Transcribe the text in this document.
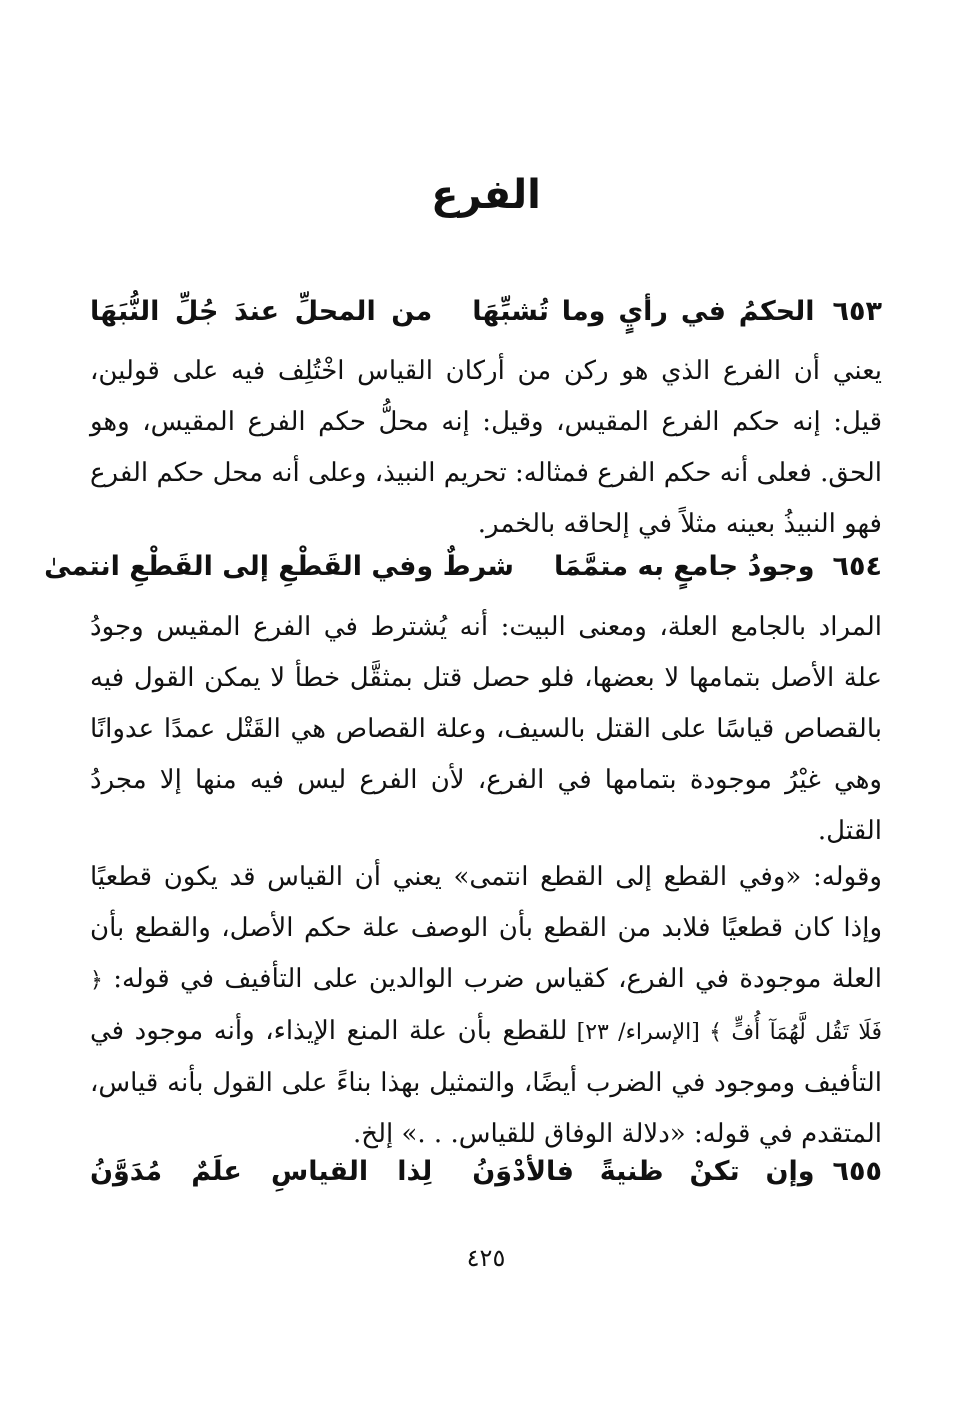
الفرع
٦٥٣
الحكمُ في رأيٍ وما تُشبِّهَا
من المحلِّ عندَ جُلِّ النُّبَهَا

يعني أن الفرع الذي هو ركن من أركان القياس اخْتُلِف فيه على قولين، قيل: إنه حكم الفرع المقيس، وقيل: إنه محلُّ حكم الفرع المقيس، وهو الحق. فعلى أنه حكم الفرع فمثاله: تحريم النبيذ، وعلى أنه محل حكم الفرع فهو النبيذُ بعينه مثلاً في إلحاقه بالخمر.

٦٥٤
وجودُ جامعٍ به متمَّمَا
شرطٌ وفي القَطْعِ إلى القَطْعِ انتمىٰ

المراد بالجامع العلة، ومعنى البيت: أنه يُشترط في الفرع المقيس وجودُ علة الأصل بتمامها لا بعضها، فلو حصل قتل بمثقَّل خطأ لا يمكن القول فيه بالقصاص قياسًا على القتل بالسيف، وعلة القصاص هي القَتْل عمدًا عدوانًا وهي غيْرُ موجودة بتمامها في الفرع، لأن الفرع ليس فيه منها إلا مجردُ القتل.

وقوله: «وفي القطع إلى القطع انتمى» يعني أن القياس قد يكون قطعيًا وإذا كان قطعيًا فلابد من القطع بأن الوصف علة حكم الأصل، والقطع بأن العلة موجودة في الفرع، كقياس ضرب الوالدين على التأفيف في قوله: ﴿ فَلَا تَقُل لَّهُمَآ أُفٍّ ﴾ [الإسراء/ ٢٣] للقطع بأن علة المنع الإيذاء، وأنه موجود في التأفيف وموجود في الضرب أيضًا، والتمثيل بهذا بناءً على القول بأنه قياس، المتقدم في قوله: «دلالة الوفاق للقياس. . .» إلخ.

٦٥٥
وإن تكنْ ظنيةً فالأدْوَنُ
لِذا القياسِ علَمٌ مُدَوَّنُ
٤٢٥
